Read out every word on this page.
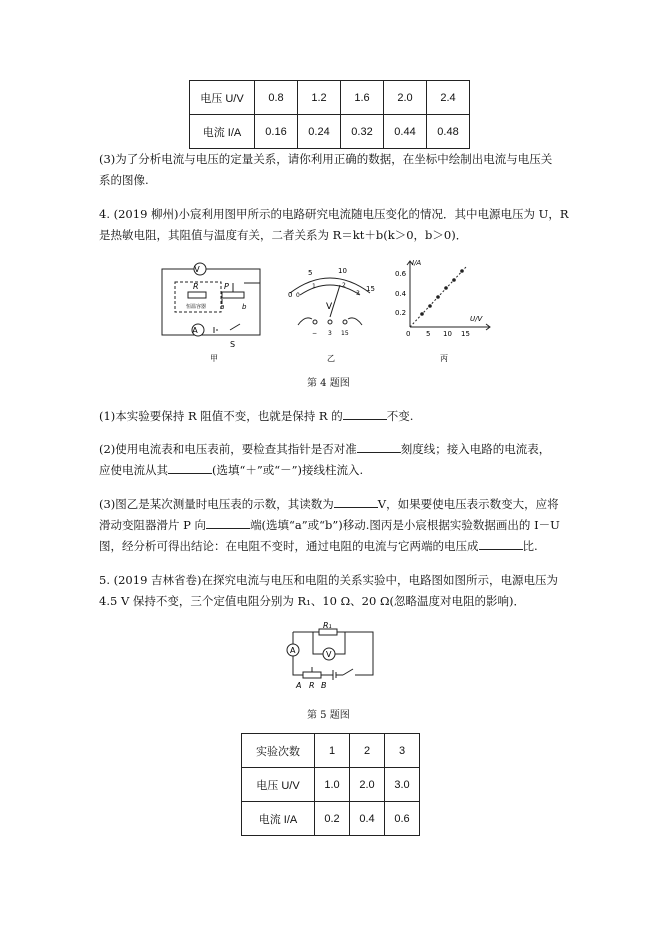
电压 U/V	0.8	1.2	1.6	2.0	2.4
电流 I/A	0.16	0.24	0.32	0.44	0.48
(3)为了分析电流与电压的定量关系，请你利用正确的数据，在坐标中绘制出电流与电压关
系的图像.
4. (2019 柳州)小宸利用图甲所示的电路研究电流随电压变化的情况．其中电源电压为 U，R
是热敏电阻，其阻值与温度有关，二者关系为 R＝kt＋b(k＞0，b＞0)．
V
A
R
恒温容器
P
a	b
S
甲
0
5	10
15
0
1	2
3
V
− 3 15
乙
I/A
U/V
0.6
0.4
0.2
0 5 10 15
丙
第 4 题图
(1)本实验要保持 R 阻值不变，也就是保持 R 的	不变.
(2)使用电流表和电压表前，要检查其指针是否对准	刻度线；接入电路的电流表，
应使电流从其	(选填“＋”或“－”)接线柱流入.
(3)图乙是某次测量时电压表的示数，其读数为	V，如果要使电压表示数变大，应将
滑动变阻器滑片 P 向	端(选填“a”或“b”)移动.图丙是小宸根据实验数据画出的 I－U
图，经分析可得出结论：在电阻不变时，通过电阻的电流与它两端的电压成	比.
5. (2019 吉林省卷)在探究电流与电压和电阻的关系实验中，电路图如图所示，电源电压为
4.5 V 保持不变，三个定值电阻分别为 R₁、10 Ω、20 Ω(忽略温度对电阻的影响)．
R₁
A	V
A R B
第 5 题图
实验次数	1	2	3
电压 U/V	1.0	2.0	3.0
电流 I/A	0.2	0.4	0.6
